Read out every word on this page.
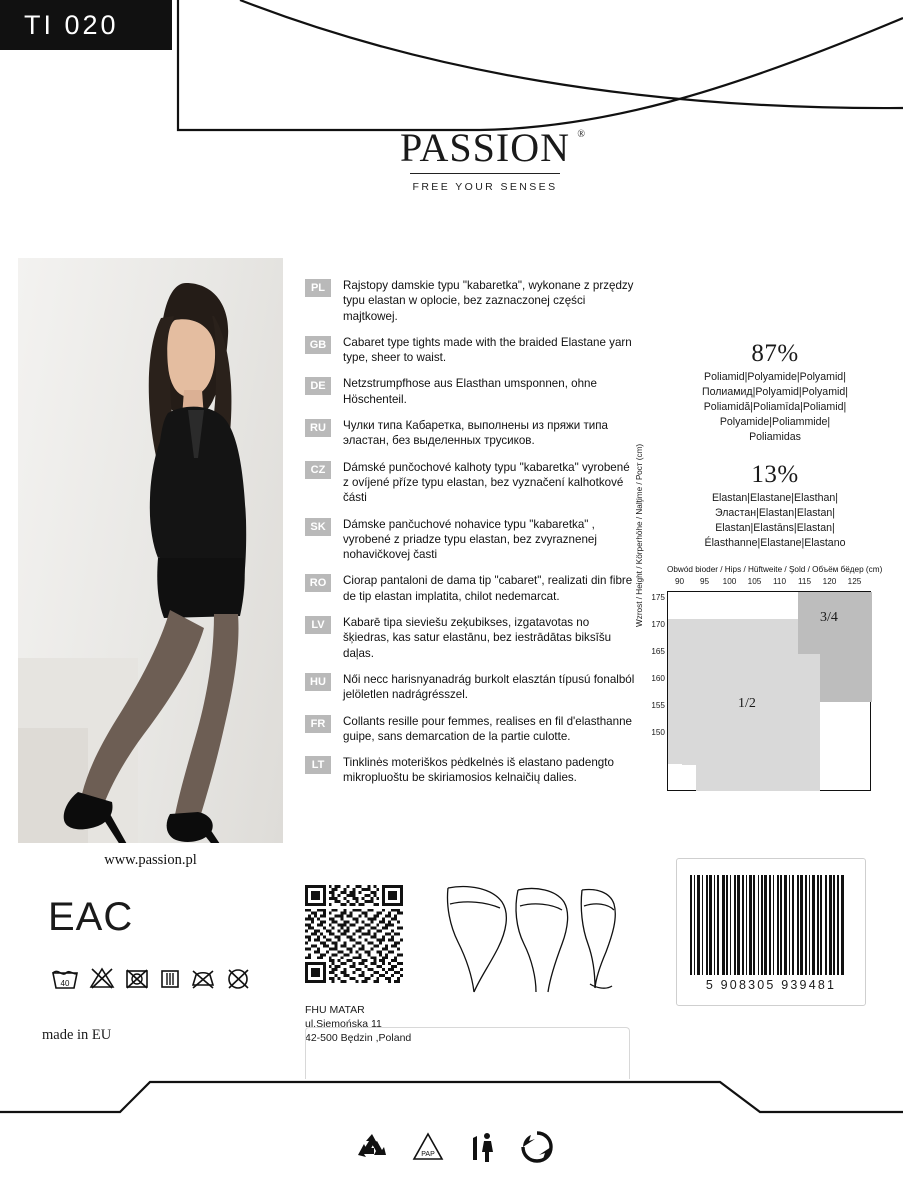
TI 020
PASSION ®
FREE YOUR SENSES
www.passion.pl
EAC
40
made in EU
PL	Rajstopy damskie typu "kabaretka", wykonane z przędzy typu elastan w oplocie, bez zaznaczonej części majtkowej.
GB	Cabaret type tights made with the braided Elastane yarn type, sheer to waist.
DE	Netzstrumpfhose aus Elasthan umsponnen, ohne Höschenteil.
RU	Чулки типа Кабаретка, выполнены из пряжи типа эластан, без выделенных трусиков.
CZ	Dámské punčochové kalhoty typu "kabaretka" vyrobené z ovíjené příze typu elastan, bez vyznačení kalhotkové části
SK	Dámske pančuchové nohavice typu "kabaretka" , vyrobené z priadze typu elastan, bez zvyraznenej nohavičkovej časti
RO	Ciorap pantaloni de dama tip "cabaret", realizati din fibre de tip elastan implatita, chilot nedemarcat.
LV	Kabarē tipa sieviešu zeķubikses, izgatavotas no šķiedras, kas satur elastānu, bez iestrādātas biksīšu daļas.
HU	Női necc harisnyanadrág burkolt elasztán típusú fonalból jelöletlen nadrágrésszel.
FR	Collants resille pour femmes, realises en fil d'elasthanne guipe, sans demarcation de la partie culotte.
LT	Tinklinės moteriškos pėdkelnės iš elastano padengto mikropluoštu be skiriamosios kelnaičių dalies.
87%
Poliamid|Polyamide|Polyamid|
Полиамид|Polyamid|Polyamid|
Poliamidă|Poliamīda|Poliamid|
Polyamide|Poliammide|
Poliamidas
13%
Elastan|Elastane|Elasthan|
Эластан|Elastan|Elastan|
Elastan|Elastāns|Elastan|
Élasthanne|Elastane|Elastano
Obwód bioder / Hips / Hüftweite / Şold / Объём бёдер (cm)
Wzrost / Height / Körperhöhe / Nalţime / Рост (cm)	90	95	100	105	110	115	120	125
175
170
165
160
155
150
1/2
3/4
FHU MATAR
ul.Siemońska 11
42-500 Będzin ,Poland
5 908305 939481
PAP
